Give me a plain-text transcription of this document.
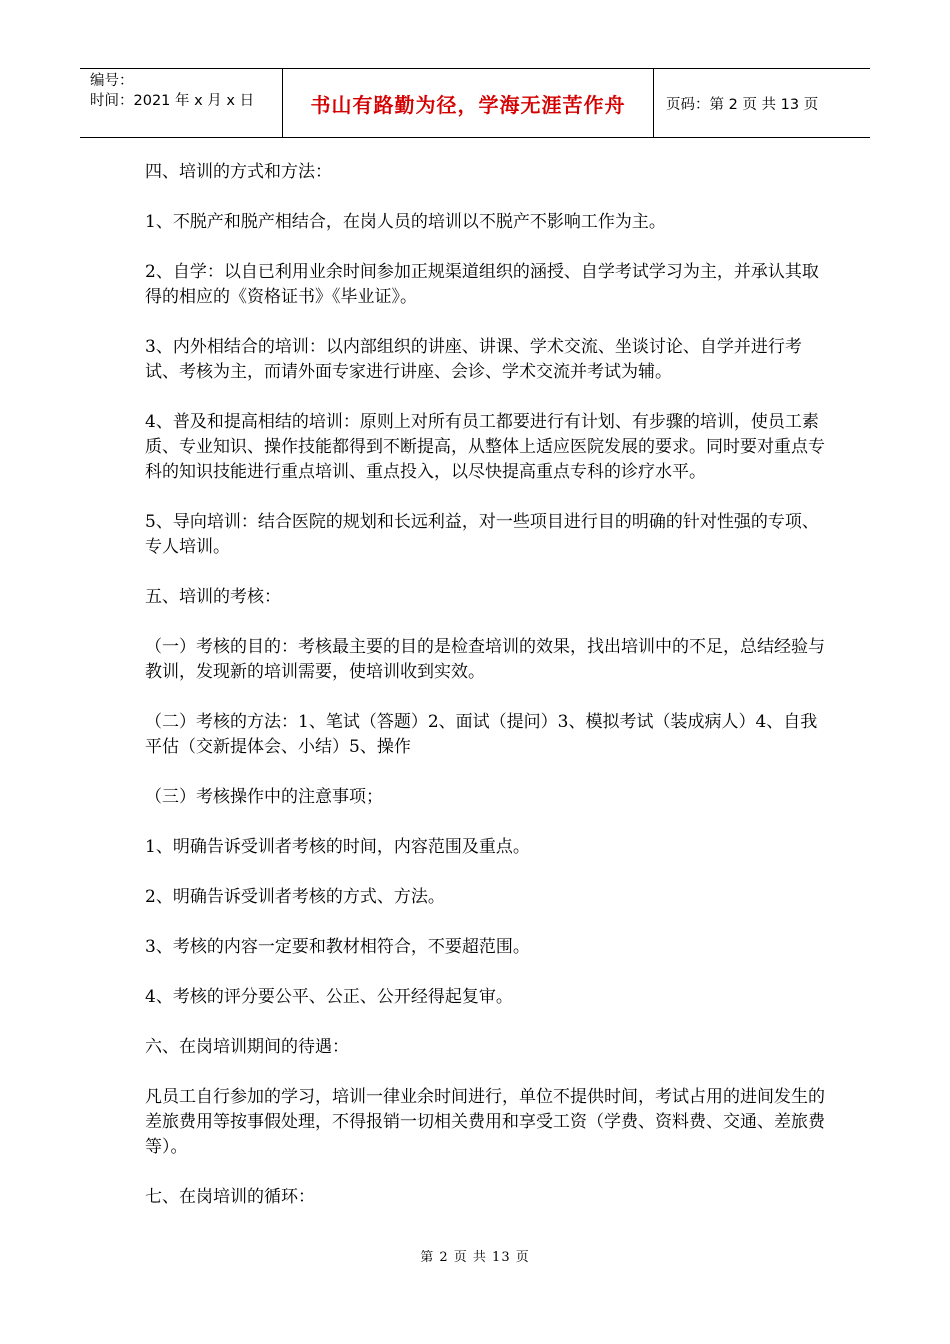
编号：
时间：2021 年 x 月 x 日	书山有路勤为径，学海无涯苦作舟	页码：第 2 页 共 13 页

四、培训的方式和方法：

1、不脱产和脱产相结合，在岗人员的培训以不脱产不影响工作为主。

2、自学：以自已利用业余时间参加正规渠道组织的涵授、自学考试学习为主，并承认其取得的相应的《资格证书》《毕业证》。

3、内外相结合的培训：以内部组织的讲座、讲课、学术交流、坐谈讨论、自学并进行考试、考核为主，而请外面专家进行讲座、会诊、学术交流并考试为辅。

4、普及和提高相结的培训：原则上对所有员工都要进行有计划、有步骤的培训，使员工素质、专业知识、操作技能都得到不断提高，从整体上适应医院发展的要求。同时要对重点专科的知识技能进行重点培训、重点投入，以尽快提高重点专科的诊疗水平。

5、导向培训：结合医院的规划和长远利益，对一些项目进行目的明确的针对性强的专项、专人培训。

五、培训的考核：

（一）考核的目的：考核最主要的目的是检查培训的效果，找出培训中的不足，总结经验与教训，发现新的培训需要，使培训收到实效。

（二）考核的方法：1、笔试（答题）2、面试（提问）3、模拟考试（装成病人）4、自我平估（交新提体会、小结）5、操作

（三）考核操作中的注意事项；

1、明确告诉受训者考核的时间，内容范围及重点。

2、明确告诉受训者考核的方式、方法。

3、考核的内容一定要和教材相符合，不要超范围。

4、考核的评分要公平、公正、公开经得起复审。

六、在岗培训期间的待遇：

凡员工自行参加的学习，培训一律业余时间进行，单位不提供时间，考试占用的进间发生的差旅费用等按事假处理，不得报销一切相关费用和享受工资（学费、资料费、交通、差旅费等）。

七、在岗培训的循环：

第 2 页 共 13 页
